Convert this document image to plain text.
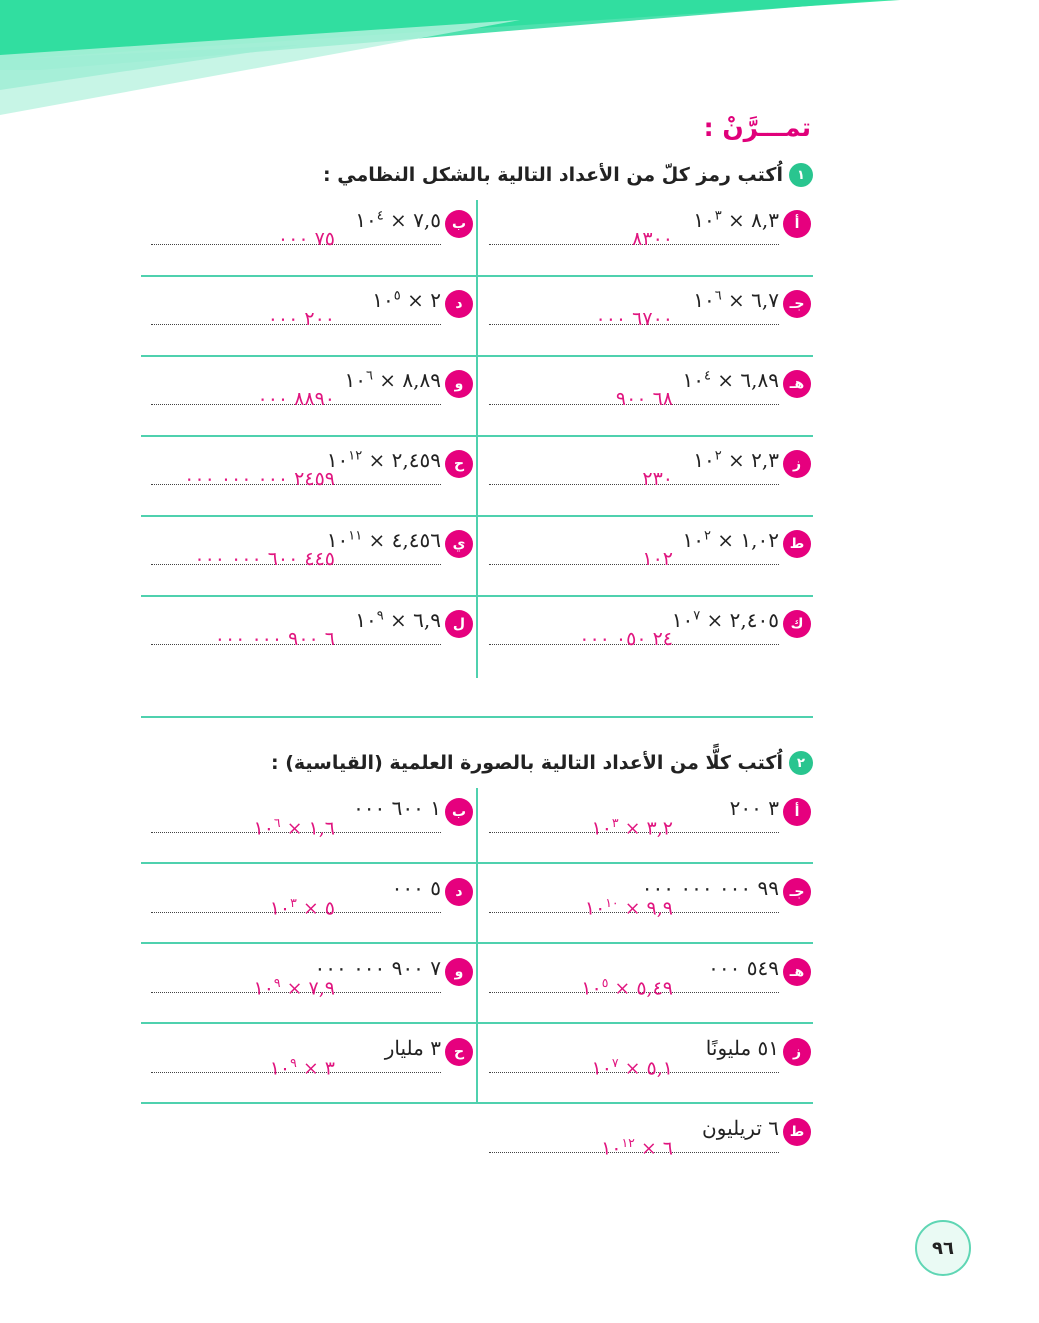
تمـــرَّنْ :
١
اُكتب رمز كلّ من الأعداد التالية بالشكل النظامي :
أ
٨,٣ × $١٠^٣$
٨٣٠٠
ب
٧,٥ × $١٠^٤$
٧٥ ٠٠٠
جـ
٦,٧ × $١٠^٦$
٦٧٠٠ ٠٠٠
د
٢ × $١٠^٥$
٢٠٠ ٠٠٠
هـ
٦,٨٩ × $١٠^٤$
٦٨ ٩٠٠
و
٨,٨٩ × $١٠^٦$
٨٨٩٠ ٠٠٠
ز
٢,٣ × $١٠^٢$
٢٣٠
ح
٢,٤٥٩ × $١٠^{١٢}$
٢٤٥٩ ٠٠٠ ٠٠٠ ٠٠٠
ط
١,٠٢ × $١٠^٢$
١٠٢
ي
٤,٤٥٦ × $١٠^{١١}$
٤٤٥ ٦٠٠ ٠٠٠ ٠٠٠
ك
٢,٤٠٥ × $١٠^٧$
٢٤ ٠٥٠ ٠٠٠
ل
٦,٩ × $١٠^٩$
٦ ٩٠٠ ٠٠٠ ٠٠٠
٢
اُكتب كلًّا من الأعداد التالية بالصورة العلمية (القياسية) :
أ
٣ ٢٠٠
٣,٢ × $١٠^٣$
ب
١ ٦٠٠ ٠٠٠
١,٦ × $١٠^٦$
جـ
٩٩ ٠٠٠ ٠٠٠ ٠٠٠
٩,٩ × $١٠^{١٠}$
د
٥ ٠٠٠
٥ × $١٠^٣$
هـ
٥٤٩ ٠٠٠
٥,٤٩ × $١٠^٥$
و
٧ ٩٠٠ ٠٠٠ ٠٠٠
٧,٩ × $١٠^٩$
ز
٥١ مليونًا
٥,١ × $١٠^٧$
ح
٣ مليار
٣ × $١٠^٩$
ط
٦ تريليون
٦ × $١٠^{١٢}$
٩٦
